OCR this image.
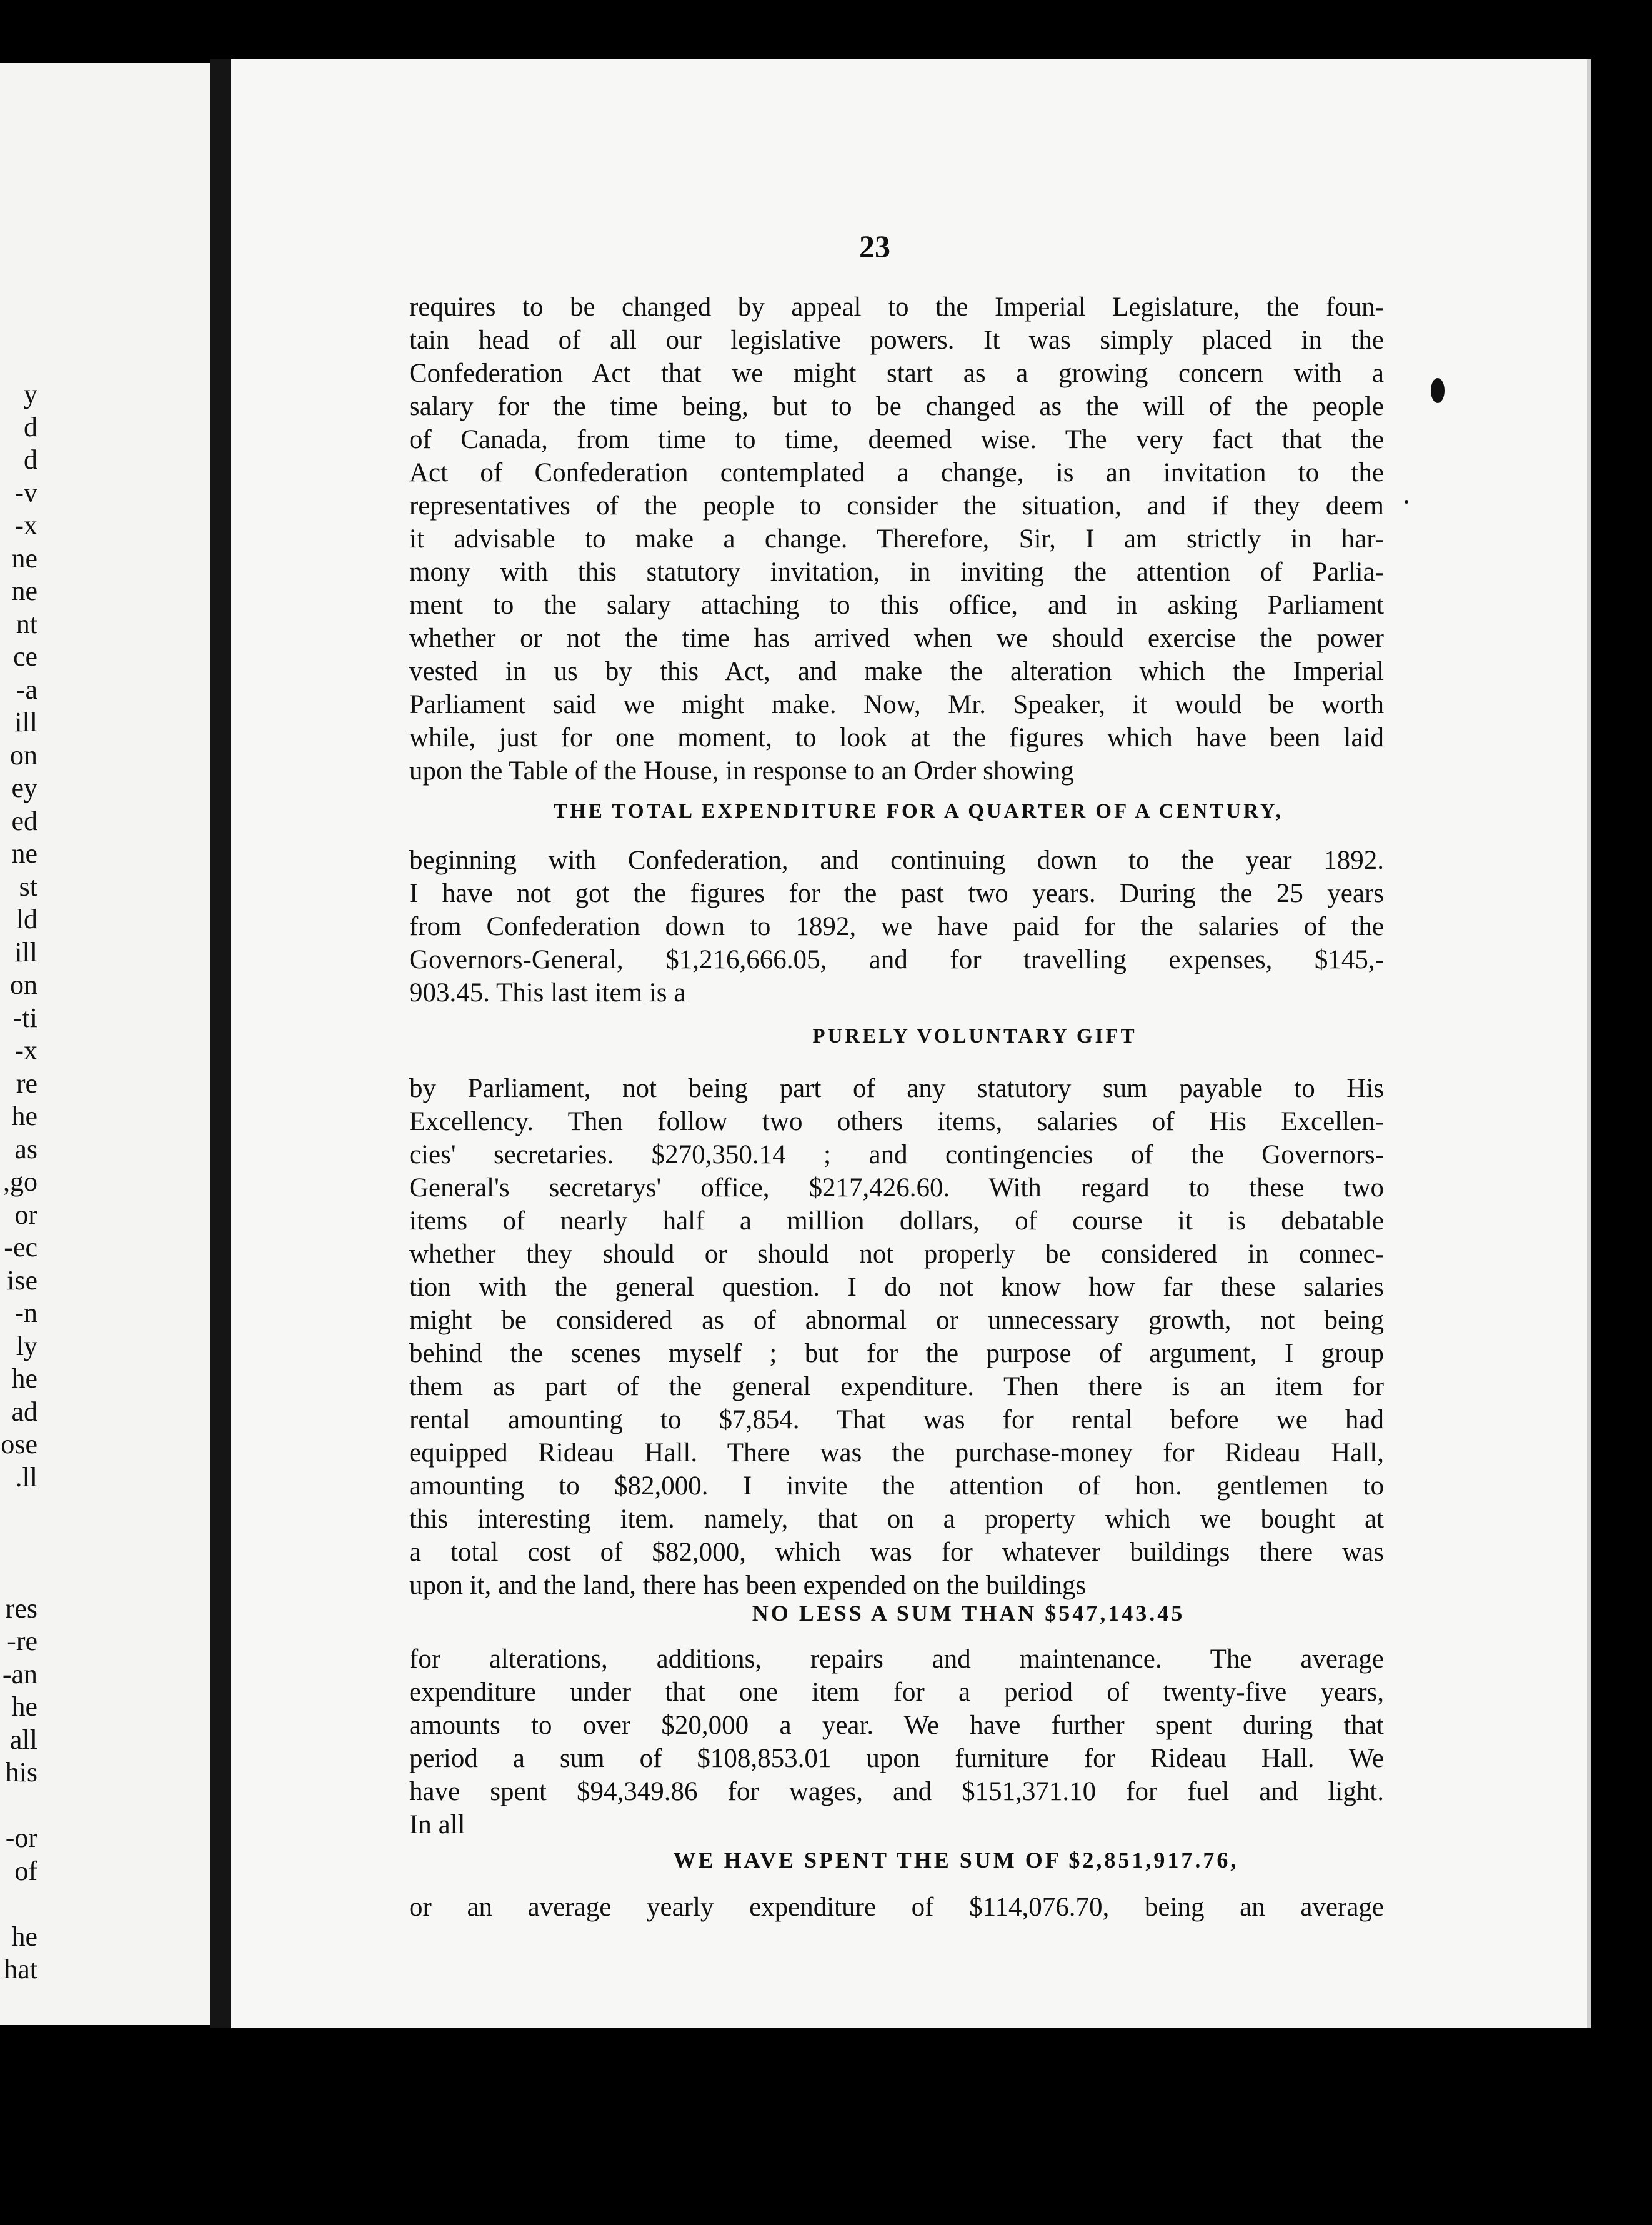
y
d
d
v-
x-
ne
ne
nt
ce
a-
ill
on
ey
ed
ne
st
ld
ill
on
ti-
x-
re
he
as
go,
or
ec-
ise
n-
ly
he
ad
ose
ll.
res
re-
an-
he
all
his
or-
of
he
hat
23
requires to be changed by appeal to the Imperial Legislature, the foun-
tain head of all our legislative powers. It was simply placed in the
Confederation Act that we might start as a growing concern with a
salary for the time being, but to be changed as the will of the people
of Canada, from time to time, deemed wise. The very fact that the
Act of Confederation contemplated a change, is an invitation to the
representatives of the people to consider the situation, and if they deem
it advisable to make a change. Therefore, Sir, I am strictly in har-
mony with this statutory invitation, in inviting the attention of Parlia-
ment to the salary attaching to this office, and in asking Parliament
whether or not the time has arrived when we should exercise the power
vested in us by this Act, and make the alteration which the Imperial
Parliament said we might make. Now, Mr. Speaker, it would be worth
while, just for one moment, to look at the figures which have been laid
upon the Table of the House, in response to an Order showing
THE TOTAL EXPENDITURE FOR A QUARTER OF A CENTURY,
beginning with Confederation, and continuing down to the year 1892.
I have not got the figures for the past two years. During the 25 years
from Confederation down to 1892, we have paid for the salaries of the
Governors-General, $1,216,666.05, and for travelling expenses, $145,-
903.45. This last item is a
PURELY VOLUNTARY GIFT
by Parliament, not being part of any statutory sum payable to His
Excellency. Then follow two others items, salaries of His Excellen-
cies' secretaries. $270,350.14 ; and contingencies of the Governors-
General's secretarys' office, $217,426.60. With regard to these two
items of nearly half a million dollars, of course it is debatable
whether they should or should not properly be considered in connec-
tion with the general question. I do not know how far these salaries
might be considered as of abnormal or unnecessary growth, not being
behind the scenes myself ; but for the purpose of argument, I group
them as part of the general expenditure. Then there is an item for
rental amounting to $7,854. That was for rental before we had
equipped Rideau Hall. There was the purchase-money for Rideau Hall,
amounting to $82,000. I invite the attention of hon. gentlemen to
this interesting item. namely, that on a property which we bought at
a total cost of $82,000, which was for whatever buildings there was
upon it, and the land, there has been expended on the buildings
NO LESS A SUM THAN $547,143.45
for alterations, additions, repairs and maintenance. The average
expenditure under that one item for a period of twenty-five years,
amounts to over $20,000 a year. We have further spent during that
period a sum of $108,853.01 upon furniture for Rideau Hall. We
have spent $94,349.86 for wages, and $151,371.10 for fuel and light.
In all
WE HAVE SPENT THE SUM OF $2,851,917.76,
or an average yearly expenditure of $114,076.70, being an average
